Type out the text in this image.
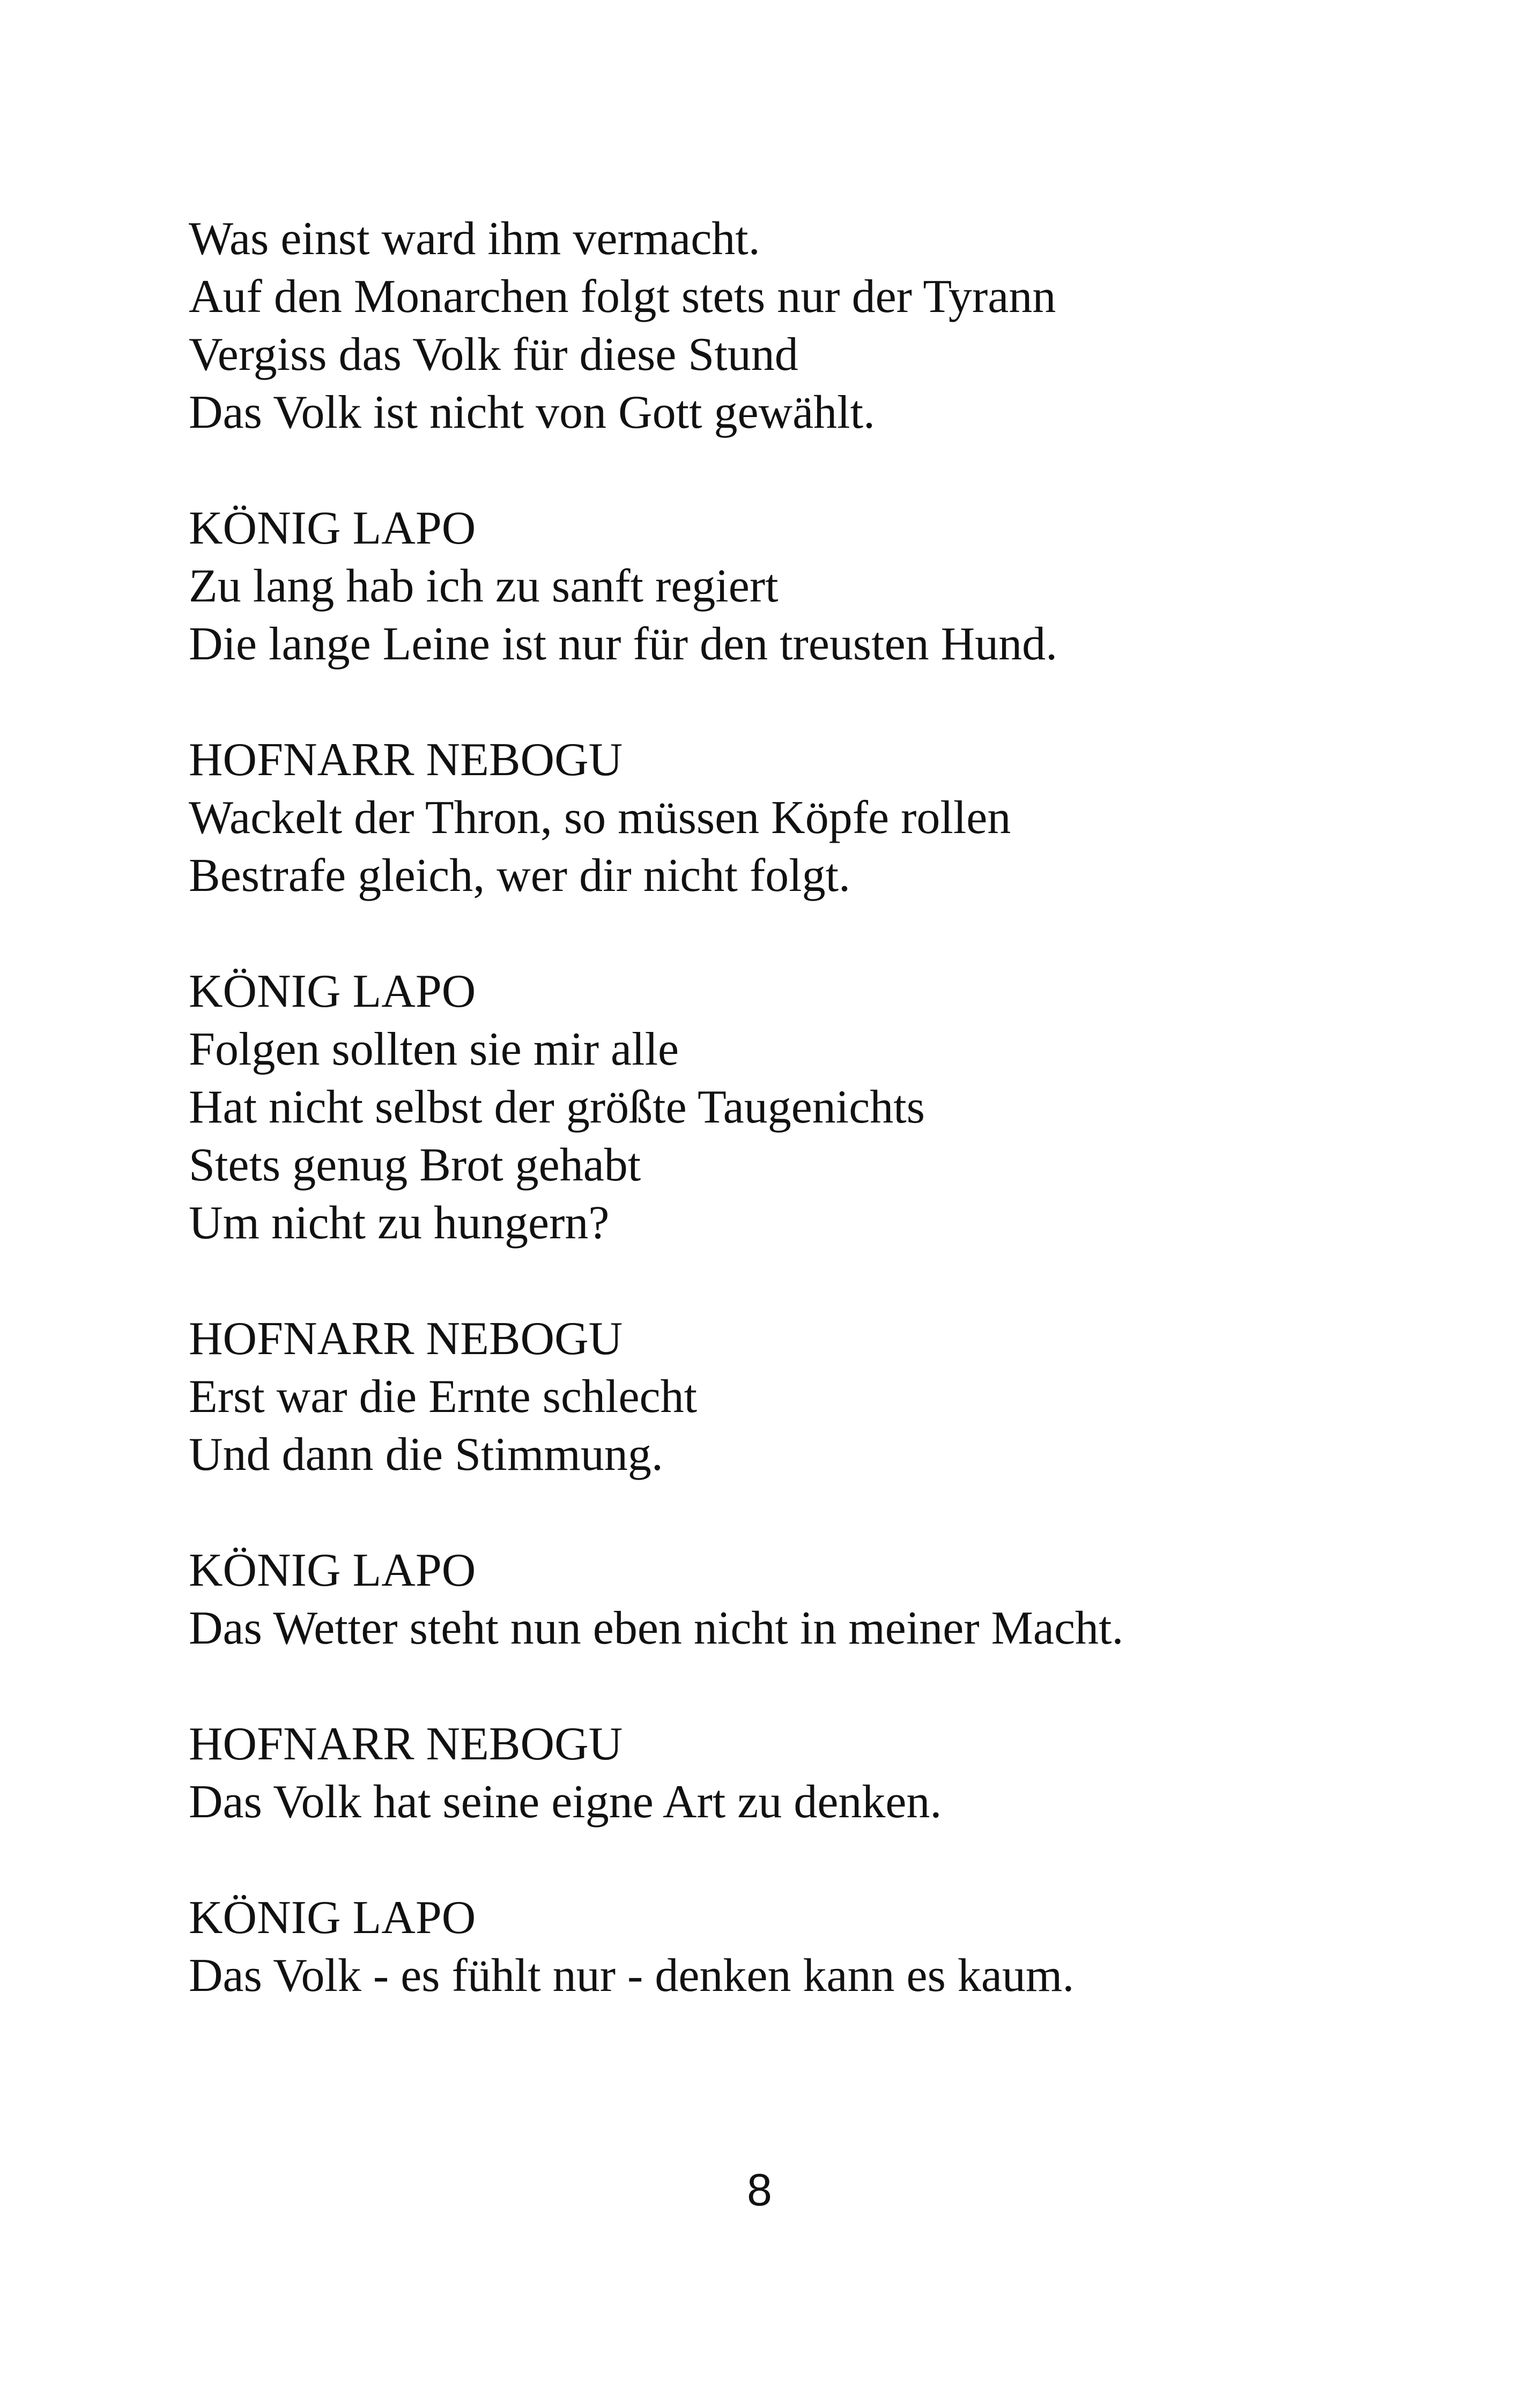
Was einst ward ihm vermacht.
Auf den Monarchen folgt stets nur der Tyrann
Vergiss das Volk für diese Stund
Das Volk ist nicht von Gott gewählt.
KÖNIG LAPO
Zu lang hab ich zu sanft regiert
Die lange Leine ist nur für den treusten Hund.
HOFNARR NEBOGU
Wackelt der Thron, so müssen Köpfe rollen
Bestrafe gleich, wer dir nicht folgt.
KÖNIG LAPO
Folgen sollten sie mir alle
Hat nicht selbst der größte Taugenichts
Stets genug Brot gehabt
Um nicht zu hungern?
HOFNARR NEBOGU
Erst war die Ernte schlecht
Und dann die Stimmung.
KÖNIG LAPO
Das Wetter steht nun eben nicht in meiner Macht.
HOFNARR NEBOGU
Das Volk hat seine eigne Art zu denken.
KÖNIG LAPO
Das Volk - es fühlt nur - denken kann es kaum.
8
